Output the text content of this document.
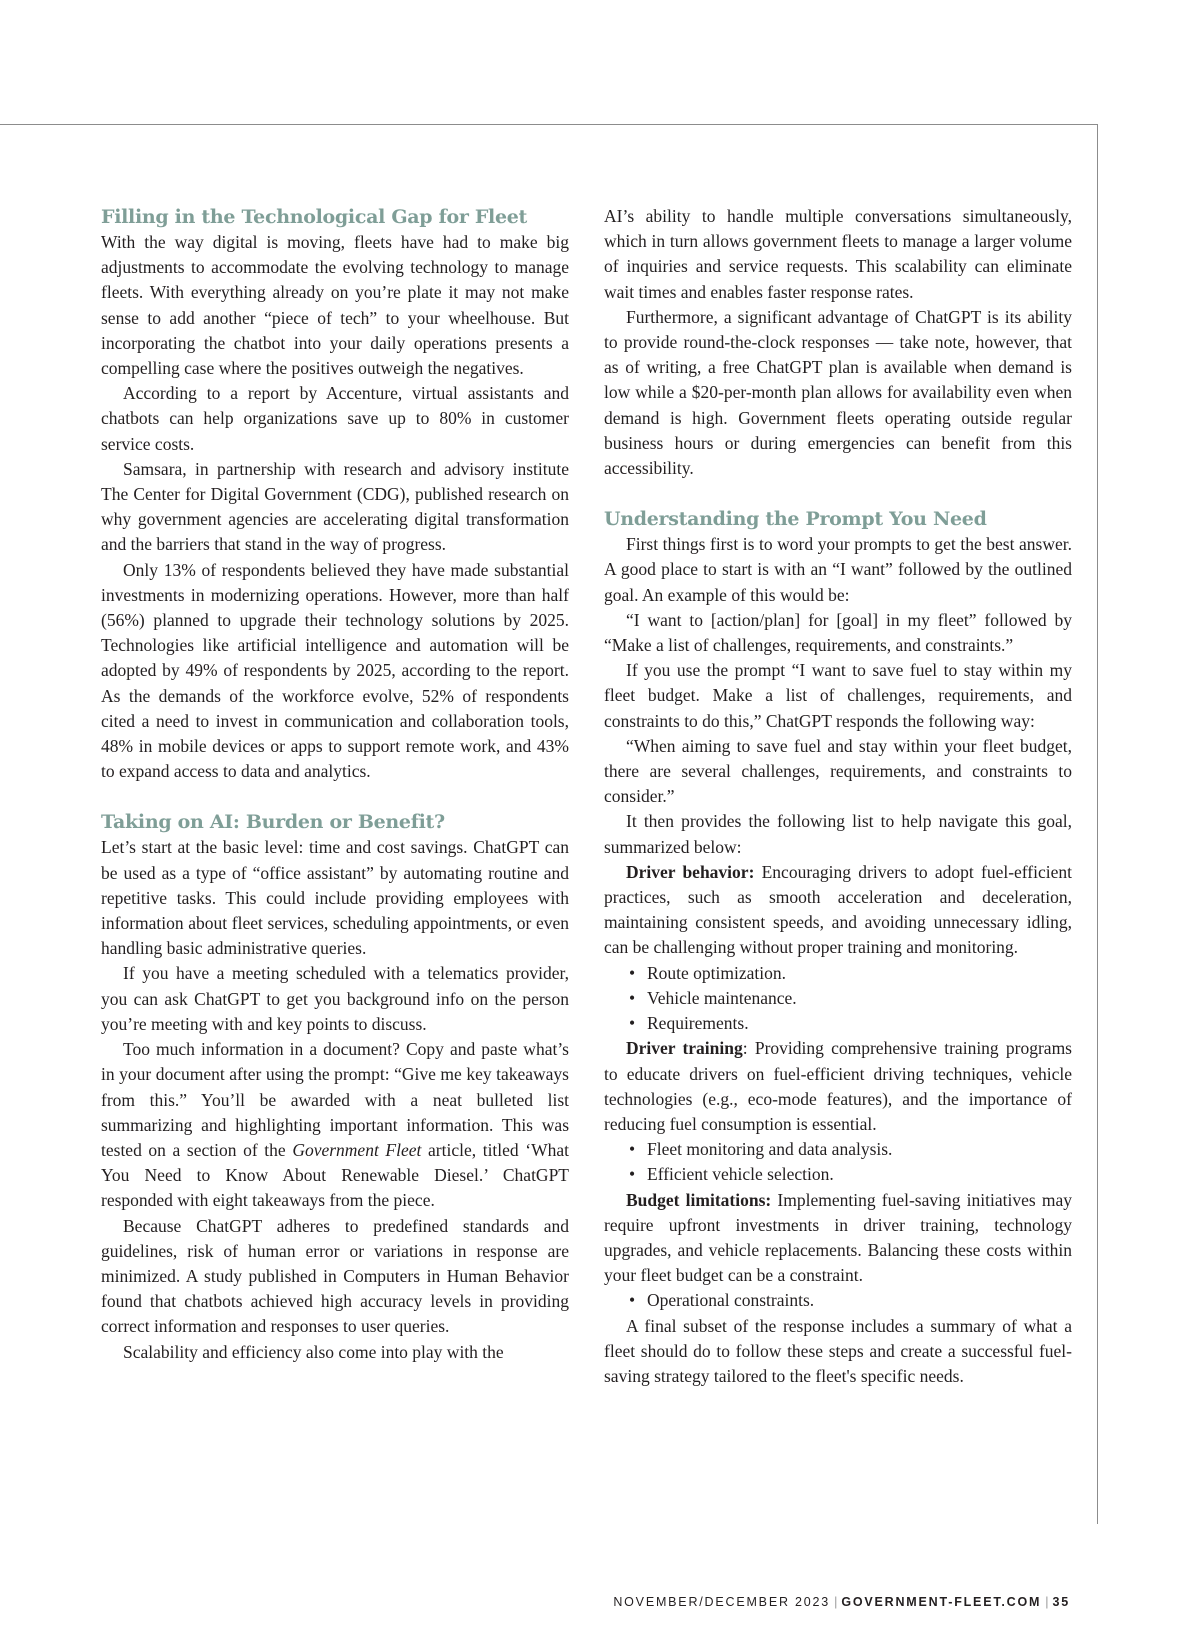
Filling in the Technological Gap for Fleet

With the way digital is moving, fleets have had to make big adjustments to accommodate the evolving technology to manage fleets. With everything already on you’re plate it may not make sense to add another “piece of tech” to your wheelhouse. But incorporating the chatbot into your daily operations presents a compelling case where the positives outweigh the negatives.

According to a report by Accenture, virtual assistants and chatbots can help organizations save up to 80% in customer service costs.

Samsara, in partnership with research and advisory institute The Center for Digital Government (CDG), published research on why government agencies are accelerating digital transformation and the barriers that stand in the way of progress.

Only 13% of respondents believed they have made substantial investments in modernizing operations. However, more than half (56%) planned to upgrade their technology solutions by 2025. Technologies like artificial intelligence and automation will be adopted by 49% of respondents by 2025, according to the report. As the demands of the workforce evolve, 52% of respondents cited a need to invest in communication and collaboration tools, 48% in mobile devices or apps to support remote work, and 43% to expand access to data and analytics.

Taking on AI: Burden or Benefit?

Let’s start at the basic level: time and cost savings. ChatGPT can be used as a type of “office assistant” by automating routine and repetitive tasks. This could include providing employees with information about fleet services, scheduling appointments, or even handling basic administrative queries.

If you have a meeting scheduled with a telematics provider, you can ask ChatGPT to get you background info on the person you’re meeting with and key points to discuss.

Too much information in a document? Copy and paste what’s in your document after using the prompt: “Give me key takeaways from this.” You’ll be awarded with a neat bulleted list summarizing and highlighting important information. This was tested on a section of the Government Fleet article, titled ‘What You Need to Know About Renewable Diesel.’ ChatGPT responded with eight takeaways from the piece.

Because ChatGPT adheres to predefined standards and guidelines, risk of human error or variations in response are minimized. A study published in Computers in Human Behavior found that chatbots achieved high accuracy levels in providing correct information and responses to user queries.

Scalability and efficiency also come into play with the

AI’s ability to handle multiple conversations simultaneously, which in turn allows government fleets to manage a larger volume of inquiries and service requests. This scalability can eliminate wait times and enables faster response rates.

Furthermore, a significant advantage of ChatGPT is its ability to provide round-the-clock responses — take note, however, that as of writing, a free ChatGPT plan is available when demand is low while a $20-per-month plan allows for availability even when demand is high. Government fleets operating outside regular business hours or during emergencies can benefit from this accessibility.

Understanding the Prompt You Need

First things first is to word your prompts to get the best answer. A good place to start is with an “I want” followed by the outlined goal. An example of this would be:

“I want to [action/plan] for [goal] in my fleet” followed by “Make a list of challenges, requirements, and constraints.”

If you use the prompt “I want to save fuel to stay within my fleet budget. Make a list of challenges, requirements, and constraints to do this,” ChatGPT responds the following way:

“When aiming to save fuel and stay within your fleet budget, there are several challenges, requirements, and constraints to consider.”

It then provides the following list to help navigate this goal, summarized below:

Driver behavior: Encouraging drivers to adopt fuel-efficient practices, such as smooth acceleration and deceleration, maintaining consistent speeds, and avoiding unnecessary idling, can be challenging without proper training and monitoring.

• Route optimization.
• Vehicle maintenance.
• Requirements.

Driver training: Providing comprehensive training programs to educate drivers on fuel-efficient driving techniques, vehicle technologies (e.g., eco-mode features), and the importance of reducing fuel consumption is essential.

• Fleet monitoring and data analysis.
• Efficient vehicle selection.

Budget limitations: Implementing fuel-saving initiatives may require upfront investments in driver training, technology upgrades, and vehicle replacements. Balancing these costs within your fleet budget can be a constraint.

• Operational constraints.

A final subset of the response includes a summary of what a fleet should do to follow these steps and create a successful fuel-saving strategy tailored to the fleet's specific needs.

NOVEMBER/DECEMBER 2023 | GOVERNMENT-FLEET.COM | 35
